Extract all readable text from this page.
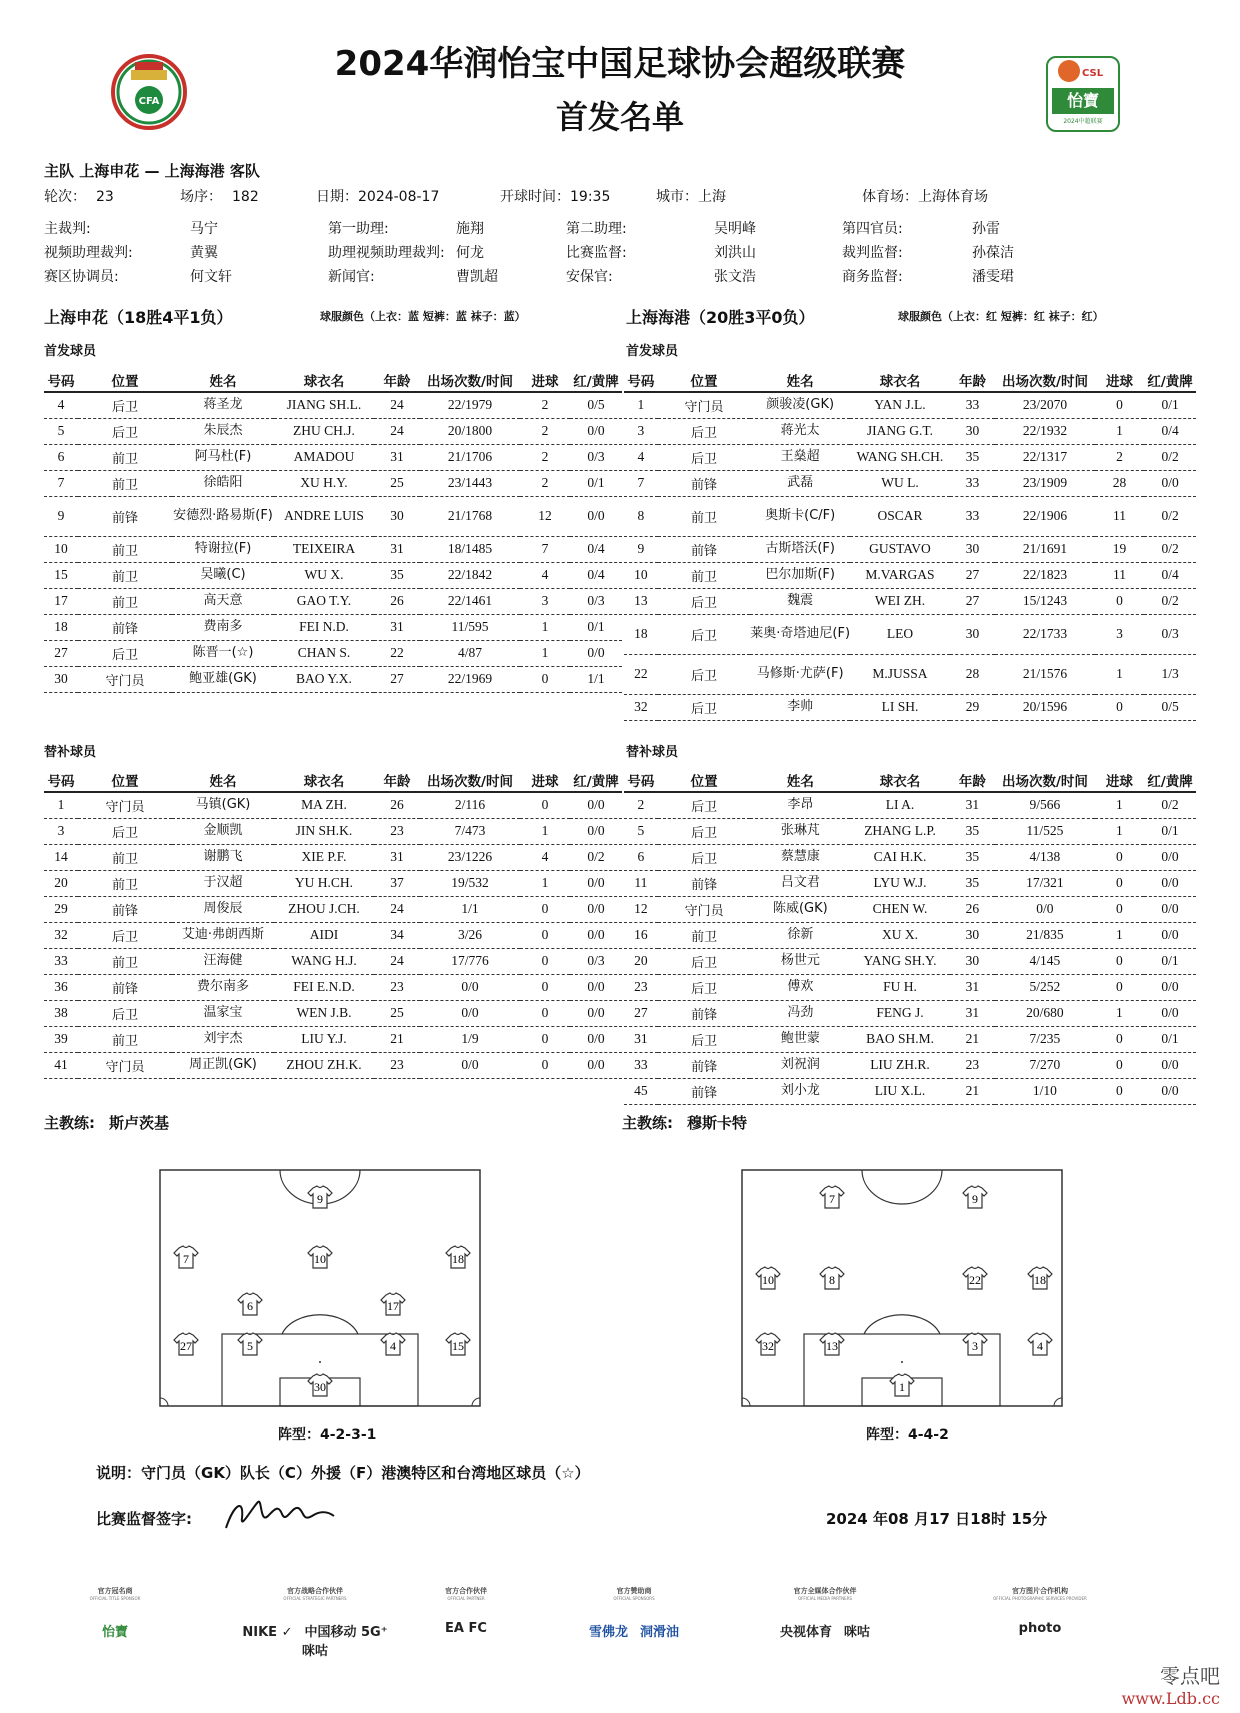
2024华润怡宝中国足球协会超级联赛
首发名单
CFA
CSL
怡寶
2024中超联赛
主队 上海申花 — 上海海港 客队
轮次： 23	场序： 182	日期：2024-08-17	开球时间：19:35	城市：上海	体育场：上海体育场
主裁判:	马宁	第一助理:	施翔	第二助理:	吴明峰	第四官员:	孙雷
视频助理裁判:	黄翼	助理视频助理裁判: 何龙	比赛监督:	刘洪山	裁判监督:	孙葆洁
赛区协调员:	何文轩	新闻官:	曹凯超	安保官:	张文浩	商务监督:	潘雯珺
上海申花（18胜4平1负）	球服颜色（上衣：蓝 短裤：蓝 袜子：蓝）	上海海港（20胜3平0负）	球服颜色（上衣：红 短裤：红 袜子：红）
首发球员	首发球员
号码	位置	姓名	球衣名	年龄	出场次数/时间	进球	红/黄牌
4	后卫	蒋圣龙	JIANG SH.L.	24	22/1979	2	0/5
5	后卫	朱辰杰	ZHU CH.J.	24	20/1800	2	0/0
6	前卫	阿马杜(F)	AMADOU	31	21/1706	2	0/3
7	前卫	徐皓阳	XU H.Y.	25	23/1443	2	0/1
9	前锋	安德烈·路易斯(F)	ANDRE LUIS	30	21/1768	12	0/0
10	前卫	特谢拉(F)	TEIXEIRA	31	18/1485	7	0/4
15	前卫	吴曦(C)	WU X.	35	22/1842	4	0/4
17	前卫	高天意	GAO T.Y.	26	22/1461	3	0/3
18	前锋	费南多	FEI N.D.	31	11/595	1	0/1
27	后卫	陈晋一(☆)	CHAN S.	22	4/87	1	0/0
30	守门员	鲍亚雄(GK)	BAO Y.X.	27	22/1969	0	1/1
号码	位置	姓名	球衣名	年龄	出场次数/时间	进球	红/黄牌
1	守门员	颜骏凌(GK)	YAN J.L.	33	23/2070	0	0/1
3	后卫	蒋光太	JIANG G.T.	30	22/1932	1	0/4
4	后卫	王燊超	WANG SH.CH.	35	22/1317	2	0/2
7	前锋	武磊	WU L.	33	23/1909	28	0/0
8	前卫	奥斯卡(C/F)	OSCAR	33	22/1906	11	0/2
9	前锋	古斯塔沃(F)	GUSTAVO	30	21/1691	19	0/2
10	前卫	巴尔加斯(F)	M.VARGAS	27	22/1823	11	0/4
13	后卫	魏震	WEI ZH.	27	15/1243	0	0/2
18	后卫	莱奥·奇塔迪尼(F)	LEO	30	22/1733	3	0/3
22	后卫	马修斯·尤萨(F)	M.JUSSA	28	21/1576	1	1/3
32	后卫	李帅	LI SH.	29	20/1596	0	0/5
替补球员	替补球员
号码	位置	姓名	球衣名	年龄	出场次数/时间	进球	红/黄牌
1	守门员	马镇(GK)	MA ZH.	26	2/116	0	0/0
3	后卫	金顺凯	JIN SH.K.	23	7/473	1	0/0
14	前卫	谢鹏飞	XIE P.F.	31	23/1226	4	0/2
20	前卫	于汉超	YU H.CH.	37	19/532	1	0/0
29	前锋	周俊辰	ZHOU J.CH.	24	1/1	0	0/0
32	后卫	艾迪·弗朗西斯	AIDI	34	3/26	0	0/0
33	前卫	汪海健	WANG H.J.	24	17/776	0	0/3
36	前锋	费尔南多	FEI E.N.D.	23	0/0	0	0/0
38	后卫	温家宝	WEN J.B.	25	0/0	0	0/0
39	前卫	刘宇杰	LIU Y.J.	21	1/9	0	0/0
41	守门员	周正凯(GK)	ZHOU ZH.K.	23	0/0	0	0/0
号码	位置	姓名	球衣名	年龄	出场次数/时间	进球	红/黄牌
2	后卫	李昂	LI A.	31	9/566	1	0/2
5	后卫	张琳芃	ZHANG L.P.	35	11/525	1	0/1
6	后卫	蔡慧康	CAI H.K.	35	4/138	0	0/0
11	前锋	吕文君	LYU W.J.	35	17/321	0	0/0
12	守门员	陈威(GK)	CHEN W.	26	0/0	0	0/0
16	前卫	徐新	XU X.	30	21/835	1	0/0
20	后卫	杨世元	YANG SH.Y.	30	4/145	0	0/1
23	后卫	傅欢	FU H.	31	5/252	0	0/0
27	前锋	冯劲	FENG J.	31	20/680	1	0/0
31	后卫	鲍世蒙	BAO SH.M.	21	7/235	0	0/1
33	前锋	刘祝润	LIU ZH.R.	23	7/270	0	0/0
45	前锋	刘小龙	LIU X.L.	21	1/10	0	0/0
主教练: 斯卢茨基	主教练: 穆斯卡特
9
7	10	18
6	17
27	5	4	15
30
7	9
10	8	22	18
32	13	3	4
1
阵型：4-2-3-1	阵型：4-4-2
说明：守门员（GK）队长（C）外援（F）港澳特区和台湾地区球员（☆）
比赛监督签字:	2024 年08 月17 日18时 15分
官方冠名商
OFFICIAL TITLE SPONSOR
怡寶
官方战略合作伙伴
OFFICIAL STRATEGIC PARTNERS
NIKE ✓ 中国移动 5G⁺咪咕
官方合作伙伴
OFFICIAL PARTNER
EA FC
官方赞助商
OFFICIAL SPONSORS
雪佛龙 洞滑油
官方全媒体合作伙伴
OFFICIAL MEDIA PARTNERS
央视体育 咪咕
官方图片合作机构
OFFICIAL PHOTOGRAPHIC SERVICES PROVIDER
photo
零点吧
www.Ldb.cc
